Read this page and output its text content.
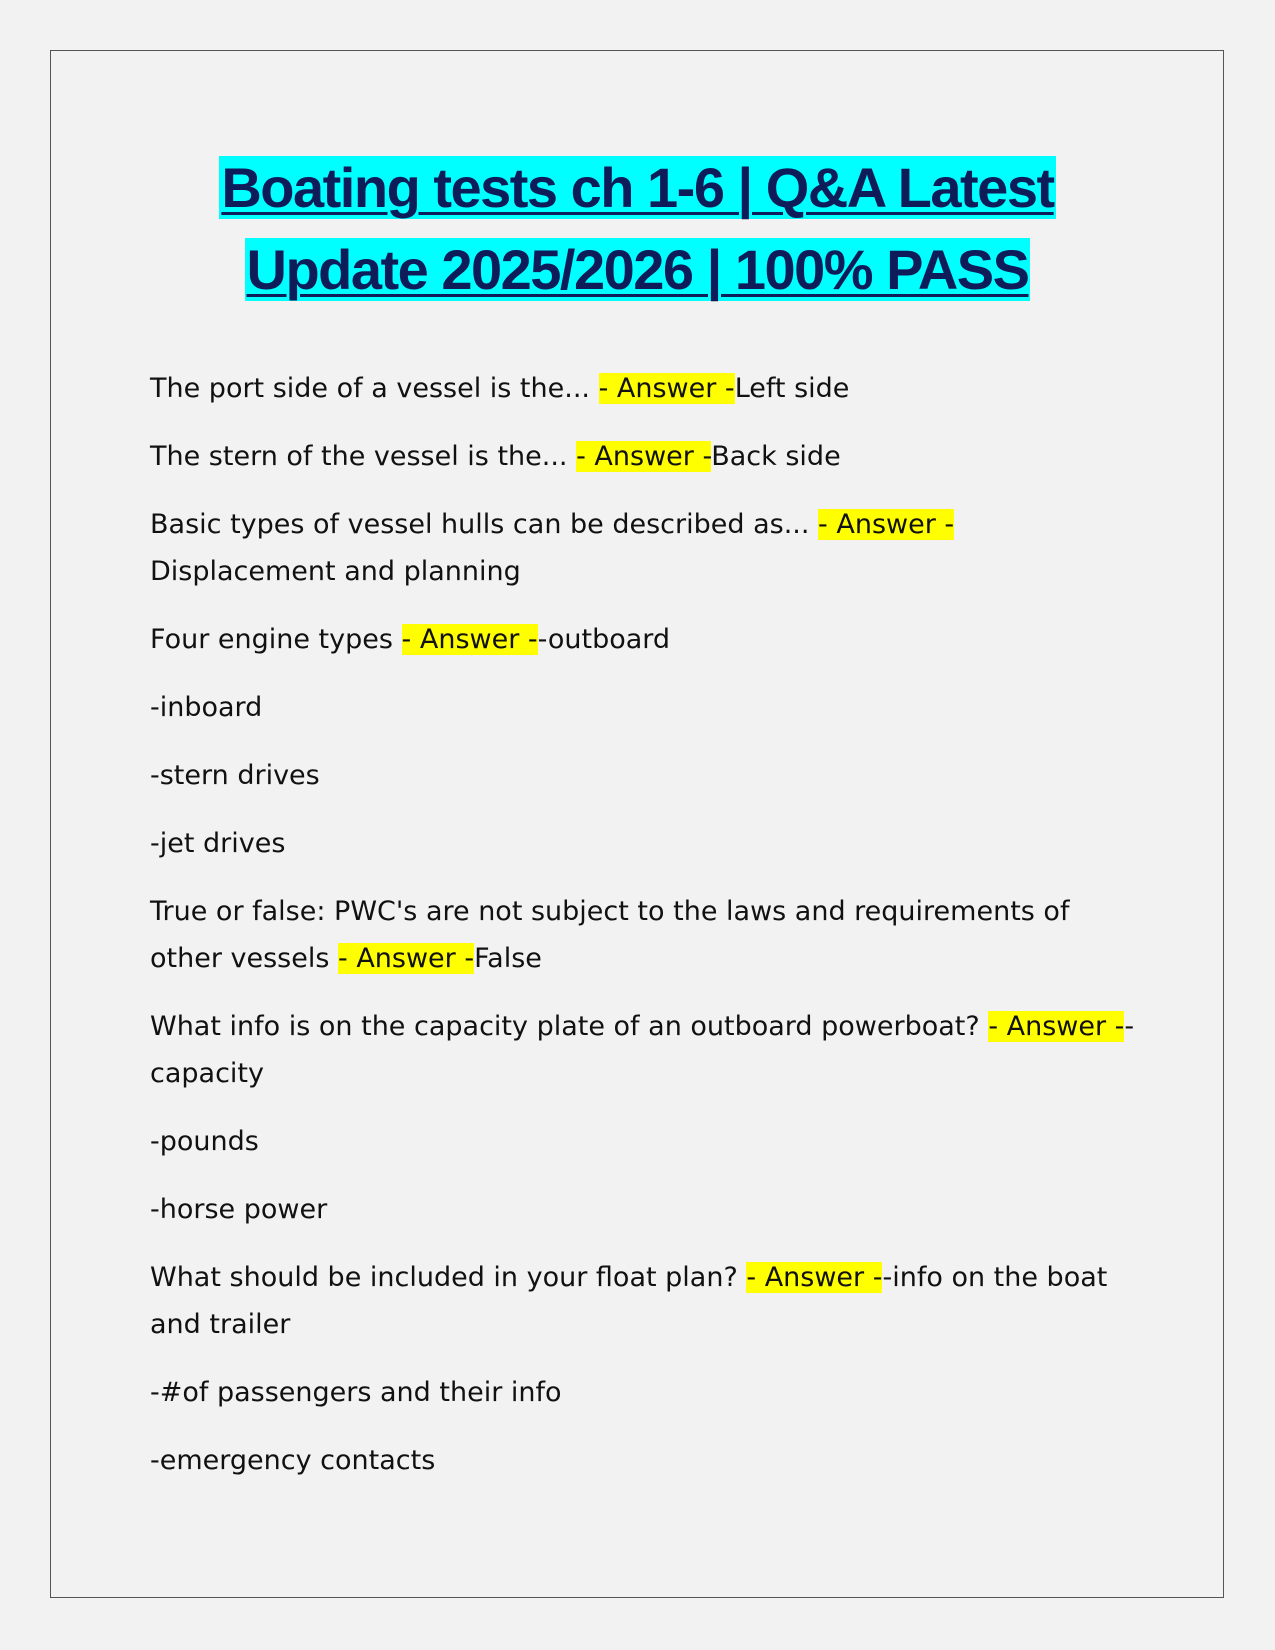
Boating tests ch 1-6 | Q&A Latest
Update 2025/2026 | 100% PASS

The port side of a vessel is the... - Answer -Left side

The stern of the vessel is the... - Answer -Back side

Basic types of vessel hulls can be described as... - Answer -Displacement and planning

Four engine types - Answer --outboard

-inboard

-stern drives

-jet drives

True or false: PWC's are not subject to the laws and requirements of other vessels - Answer -False

What info is on the capacity plate of an outboard powerboat? - Answer --capacity

-pounds

-horse power

What should be included in your float plan? - Answer --info on the boat and trailer

-#of passengers and their info

-emergency contacts
